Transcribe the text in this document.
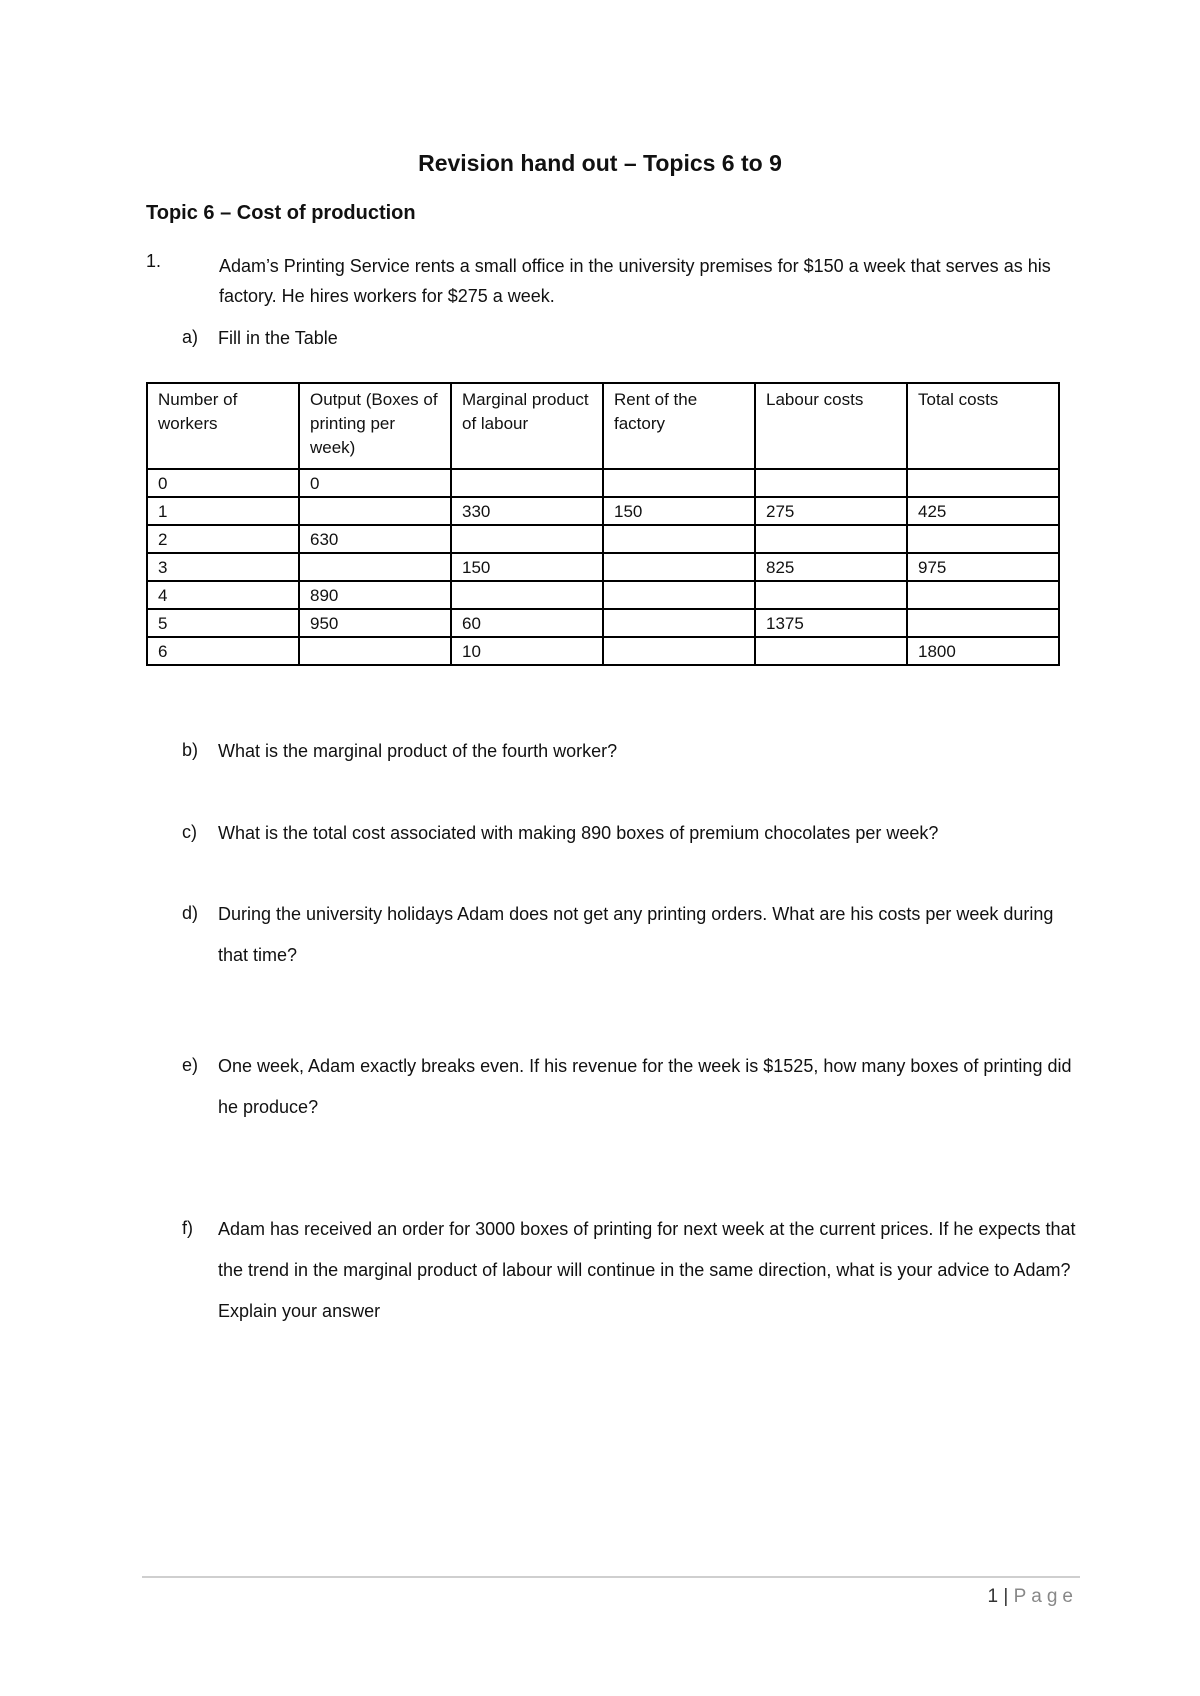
Revision hand out – Topics 6 to 9
Topic 6 – Cost of production
1.	Adam’s Printing Service rents a small office in the university premises for $150 a week that serves as his factory. He hires workers for $275 a week.
a) Fill in the Table
Number of workers	Output (Boxes of printing per week)	Marginal product of labour	Rent of the factory	Labour costs	Total costs
0	0				
1		330	150	275	425
2	630				
3		150		825	975
4	890				
5	950	60		1375	
6		10			1800
b) What is the marginal product of the fourth worker?
c) What is the total cost associated with making 890 boxes of premium chocolates per week?
d) During the university holidays Adam does not get any printing orders. What are his costs per week during that time?
e) One week, Adam exactly breaks even. If his revenue for the week is $1525, how many boxes of printing did he produce?
f) Adam has received an order for 3000 boxes of printing for next week at the current prices. If he expects that the trend in the marginal product of labour will continue in the same direction, what is your advice to Adam? Explain your answer
1 | Page
